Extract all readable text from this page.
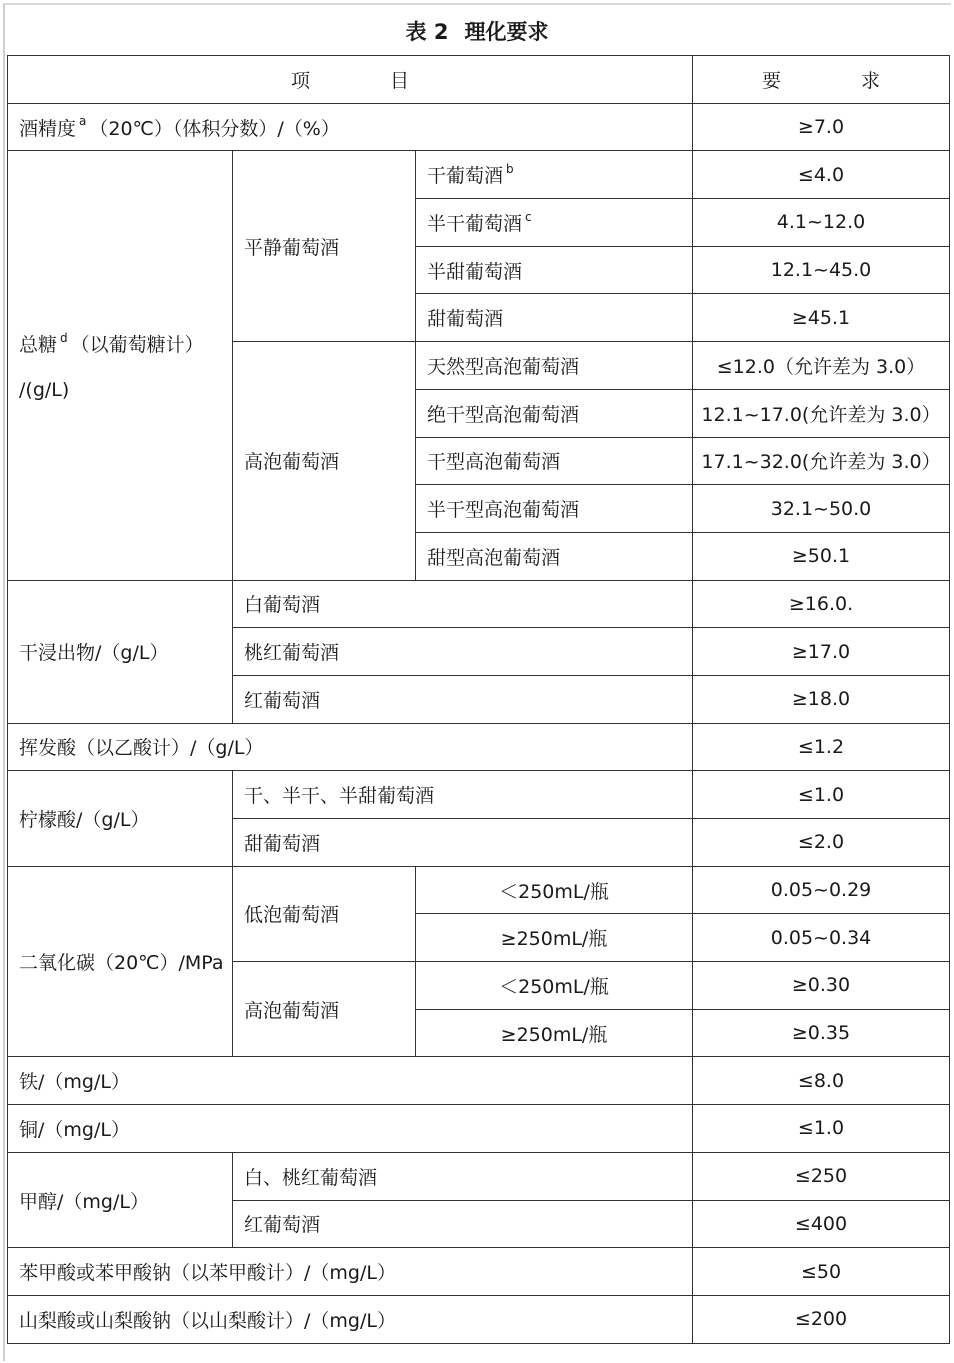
表 2 理化要求
项 目			要 求
酒精度 $^a$ （20℃）（体积分数）/（%）			≥7.0

总糖 $^d$ （以葡萄糖计）
/(g/L)	平静葡萄酒	干葡萄酒 $^b$	≤4.0
		半干葡萄酒 $^c$	4.1~12.0
		半甜葡萄酒	12.1~45.0
		甜葡萄酒	≥45.1
	高泡葡萄酒	天然型高泡葡萄酒	≤12.0（允许差为 3.0）
		绝干型高泡葡萄酒	12.1~17.0(允许差为 3.0）
		干型高泡葡萄酒	17.1~32.0(允许差为 3.0）
		半干型高泡葡萄酒	32.1~50.0
		甜型高泡葡萄酒	≥50.1
干浸出物/（g/L）	白葡萄酒		≥16.0.
	桃红葡萄酒		≥17.0
	红葡萄酒		≥18.0
挥发酸（以乙酸计）/（g/L）			≤1.2
柠檬酸/（g/L）	干、半干、半甜葡萄酒		≤1.0
	甜葡萄酒		≤2.0
二氧化碳（20℃）/MPa	低泡葡萄酒	＜250mL/瓶	0.05~0.29
		≥250mL/瓶	0.05~0.34
	高泡葡萄酒	＜250mL/瓶	≥0.30
		≥250mL/瓶	≥0.35
铁/（mg/L）			≤8.0
铜/（mg/L）			≤1.0
甲醇/（mg/L）	白、桃红葡萄酒		≤250
	红葡萄酒		≤400
苯甲酸或苯甲酸钠（以苯甲酸计）/（mg/L）			≤50
山梨酸或山梨酸钠（以山梨酸计）/（mg/L）			≤200
